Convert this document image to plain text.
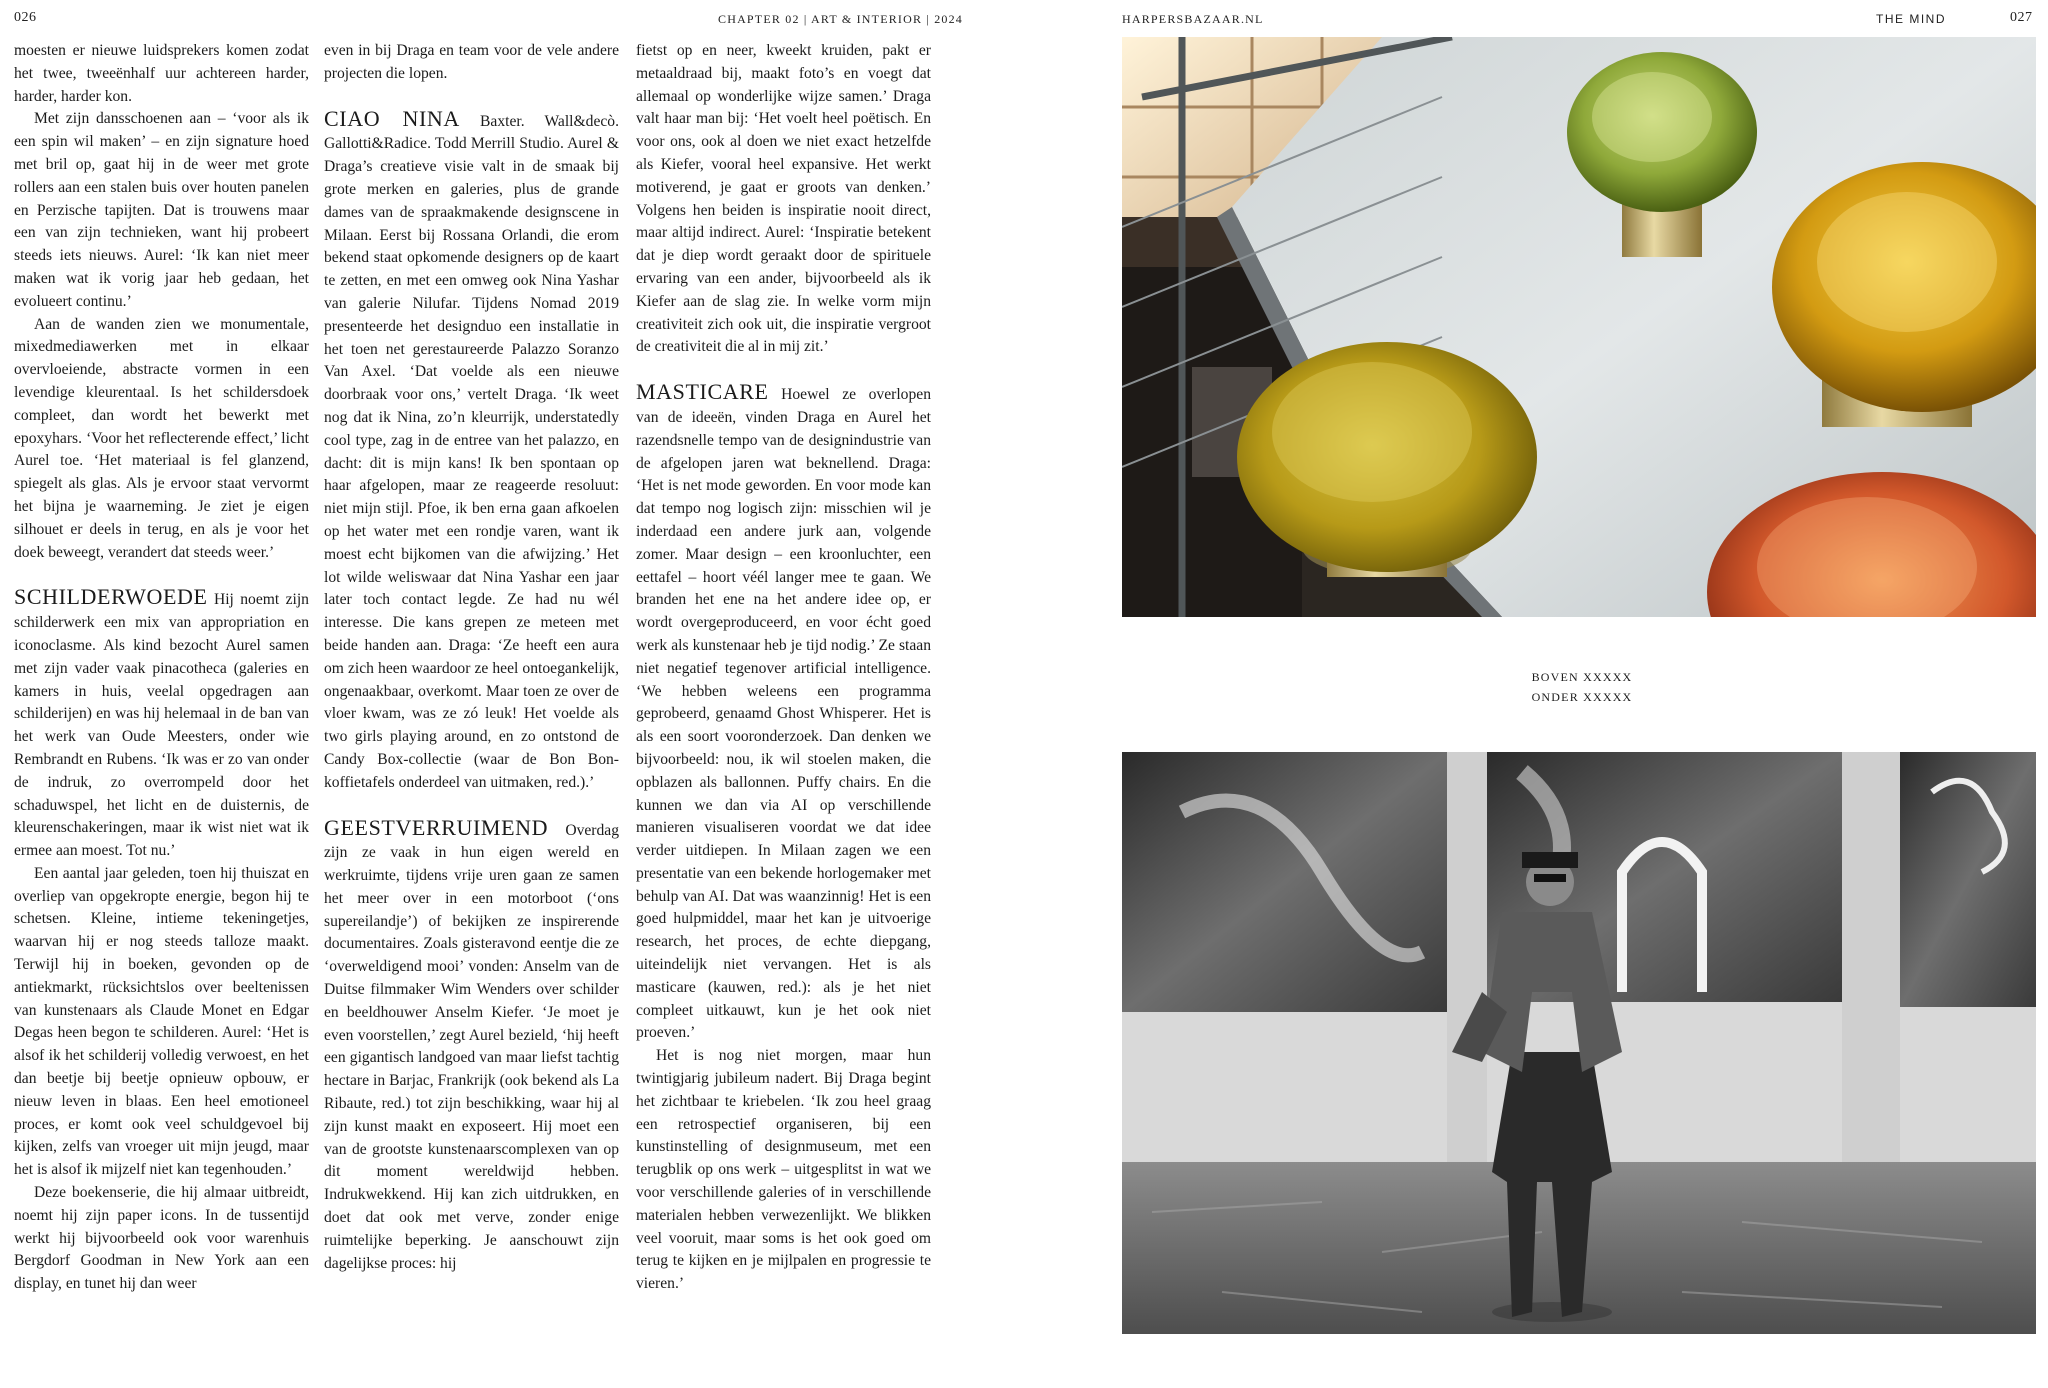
026	CHAPTER 02 | ART & INTERIOR | 2024	HARPERSBAZAAR.NL	THE MIND	027

moesten er nieuwe luidsprekers komen zodat het twee, tweeënhalf uur achtereen harder, harder, harder kon.

Met zijn dansschoenen aan – ‘voor als ik een spin wil maken’ – en zijn signature hoed met bril op, gaat hij in de weer met grote rollers aan een stalen buis over houten panelen en Perzische tapijten. Dat is trouwens maar een van zijn technieken, want hij probeert steeds iets nieuws. Aurel: ‘Ik kan niet meer maken wat ik vorig jaar heb gedaan, het evolueert continu.’

Aan de wanden zien we monumentale, mixedmediawerken met in elkaar overvloeiende, abstracte vormen in een levendige kleurentaal. Is het schildersdoek compleet, dan wordt het bewerkt met epoxyhars. ‘Voor het reflecterende effect,’ licht Aurel toe. ‘Het materiaal is fel glanzend, spiegelt als glas. Als je ervoor staat vervormt het bijna je waarneming. Je ziet je eigen silhouet er deels in terug, en als je voor het doek beweegt, verandert dat steeds weer.’

SCHILDERWOEDE Hij noemt zijn schilderwerk een mix van appropriation en iconoclasme. Als kind bezocht Aurel samen met zijn vader vaak pinacotheca (galeries en kamers in huis, veelal opgedragen aan schilderijen) en was hij helemaal in de ban van het werk van Oude Meesters, onder wie Rembrandt en Rubens. ‘Ik was er zo van onder de indruk, zo overrompeld door het schaduwspel, het licht en de duisternis, de kleurenschakeringen, maar ik wist niet wat ik ermee aan moest. Tot nu.’

Een aantal jaar geleden, toen hij thuiszat en overliep van opgekropte energie, begon hij te schetsen. Kleine, intieme tekeningetjes, waarvan hij er nog steeds talloze maakt. Terwijl hij in boeken, gevonden op de antiekmarkt, rücksichtslos over beeltenissen van kunstenaars als Claude Monet en Edgar Degas heen begon te schilderen. Aurel: ‘Het is alsof ik het schilderij volledig verwoest, en het dan beetje bij beetje opnieuw opbouw, er nieuw leven in blaas. Een heel emotioneel proces, er komt ook veel schuldgevoel bij kijken, zelfs van vroeger uit mijn jeugd, maar het is alsof ik mijzelf niet kan tegenhouden.’

Deze boekenserie, die hij almaar uitbreidt, noemt hij zijn paper icons. In de tussentijd werkt hij bijvoorbeeld ook voor warenhuis Bergdorf Goodman in New York aan een display, en tunet hij dan weer

even in bij Draga en team voor de vele andere projecten die lopen.

CIAO NINA Baxter. Wall&decò. Gallotti&Radice. Todd Merrill Studio. Aurel & Draga’s creatieve visie valt in de smaak bij grote merken en galeries, plus de grande dames van de spraakmakende designscene in Milaan. Eerst bij Rossana Orlandi, die erom bekend staat opkomende designers op de kaart te zetten, en met een omweg ook Nina Yashar van galerie Nilufar. Tijdens Nomad 2019 presenteerde het designduo een installatie in het toen net gerestaureerde Palazzo Soranzo Van Axel. ‘Dat voelde als een nieuwe doorbraak voor ons,’ vertelt Draga. ‘Ik weet nog dat ik Nina, zo’n kleurrijk, understatedly cool type, zag in de entree van het palazzo, en dacht: dit is mijn kans! Ik ben spontaan op haar afgelopen, maar ze reageerde resoluut: niet mijn stijl. Pfoe, ik ben erna gaan afkoelen op het water met een rondje varen, want ik moest echt bijkomen van die afwijzing.’ Het lot wilde weliswaar dat Nina Yashar een jaar later toch contact legde. Ze had nu wél interesse. Die kans grepen ze meteen met beide handen aan. Draga: ‘Ze heeft een aura om zich heen waardoor ze heel ontoegankelijk, ongenaakbaar, overkomt. Maar toen ze over de vloer kwam, was ze zó leuk! Het voelde als two girls playing around, en zo ontstond de Candy Box-collectie (waar de Bon Bon-koffietafels onderdeel van uitmaken, red.).’

GEESTVERRUIMEND Overdag zijn ze vaak in hun eigen wereld en werkruimte, tijdens vrije uren gaan ze samen het meer over in een motorboot (‘ons supereilandje’) of bekijken ze inspirerende documentaires. Zoals gisteravond eentje die ze ‘overweldigend mooi’ vonden: Anselm van de Duitse filmmaker Wim Wenders over schilder en beeldhouwer Anselm Kiefer. ‘Je moet je even voorstellen,’ zegt Aurel bezield, ‘hij heeft een gigantisch landgoed van maar liefst tachtig hectare in Barjac, Frankrijk (ook bekend als La Ribaute, red.) tot zijn beschikking, waar hij al zijn kunst maakt en exposeert. Hij moet een van de grootste kunstenaarscomplexen van op dit moment wereldwijd hebben. Indrukwekkend. Hij kan zich uitdrukken, en doet dat ook met verve, zonder enige ruimtelijke beperking. Je aanschouwt zijn dagelijkse proces: hij

fietst op en neer, kweekt kruiden, pakt er metaaldraad bij, maakt foto’s en voegt dat allemaal op wonderlijke wijze samen.’ Draga valt haar man bij: ‘Het voelt heel poëtisch. En voor ons, ook al doen we niet exact hetzelfde als Kiefer, vooral heel expansive. Het werkt motiverend, je gaat er groots van denken.’ Volgens hen beiden is inspiratie nooit direct, maar altijd indirect. Aurel: ‘Inspiratie betekent dat je diep wordt geraakt door de spirituele ervaring van een ander, bijvoorbeeld als ik Kiefer aan de slag zie. In welke vorm mijn creativiteit zich ook uit, die inspiratie vergroot de creativiteit die al in mij zit.’

MASTICARE Hoewel ze overlopen van de ideeën, vinden Draga en Aurel het razendsnelle tempo van de designindustrie van de afgelopen jaren wat beknellend. Draga: ‘Het is net mode geworden. En voor mode kan dat tempo nog logisch zijn: misschien wil je inderdaad een andere jurk aan, volgende zomer. Maar design – een kroonluchter, een eettafel – hoort véél langer mee te gaan. We branden het ene na het andere idee op, er wordt overgeproduceerd, en voor écht goed werk als kunstenaar heb je tijd nodig.’ Ze staan niet negatief tegenover artificial intelligence. ‘We hebben weleens een programma geprobeerd, genaamd Ghost Whisperer. Het is als een soort vooronderzoek. Dan denken we bijvoorbeeld: nou, ik wil stoelen maken, die opblazen als ballonnen. Puffy chairs. En die kunnen we dan via AI op verschillende manieren visualiseren voordat we dat idee verder uitdiepen. In Milaan zagen we een presentatie van een bekende horlogemaker met behulp van AI. Dat was waanzinnig! Het is een goed hulpmiddel, maar het kan je uitvoerige research, het proces, de echte diepgang, uiteindelijk niet vervangen. Het is als masticare (kauwen, red.): als je het niet compleet uitkauwt, kun je het ook niet proeven.’

Het is nog niet morgen, maar hun twintigjarig jubileum nadert. Bij Draga begint het zichtbaar te kriebelen. ‘Ik zou heel graag een retrospectief organiseren, bij een kunstinstelling of designmuseum, met een terugblik op ons werk – uitgesplitst in wat we voor verschillende galeries of in verschillende materialen hebben verwezenlijkt. We blikken veel vooruit, maar soms is het ook goed om terug te kijken en je mijlpalen en progressie te vieren.’

BOVEN XXXXX
ONDER XXXXX
